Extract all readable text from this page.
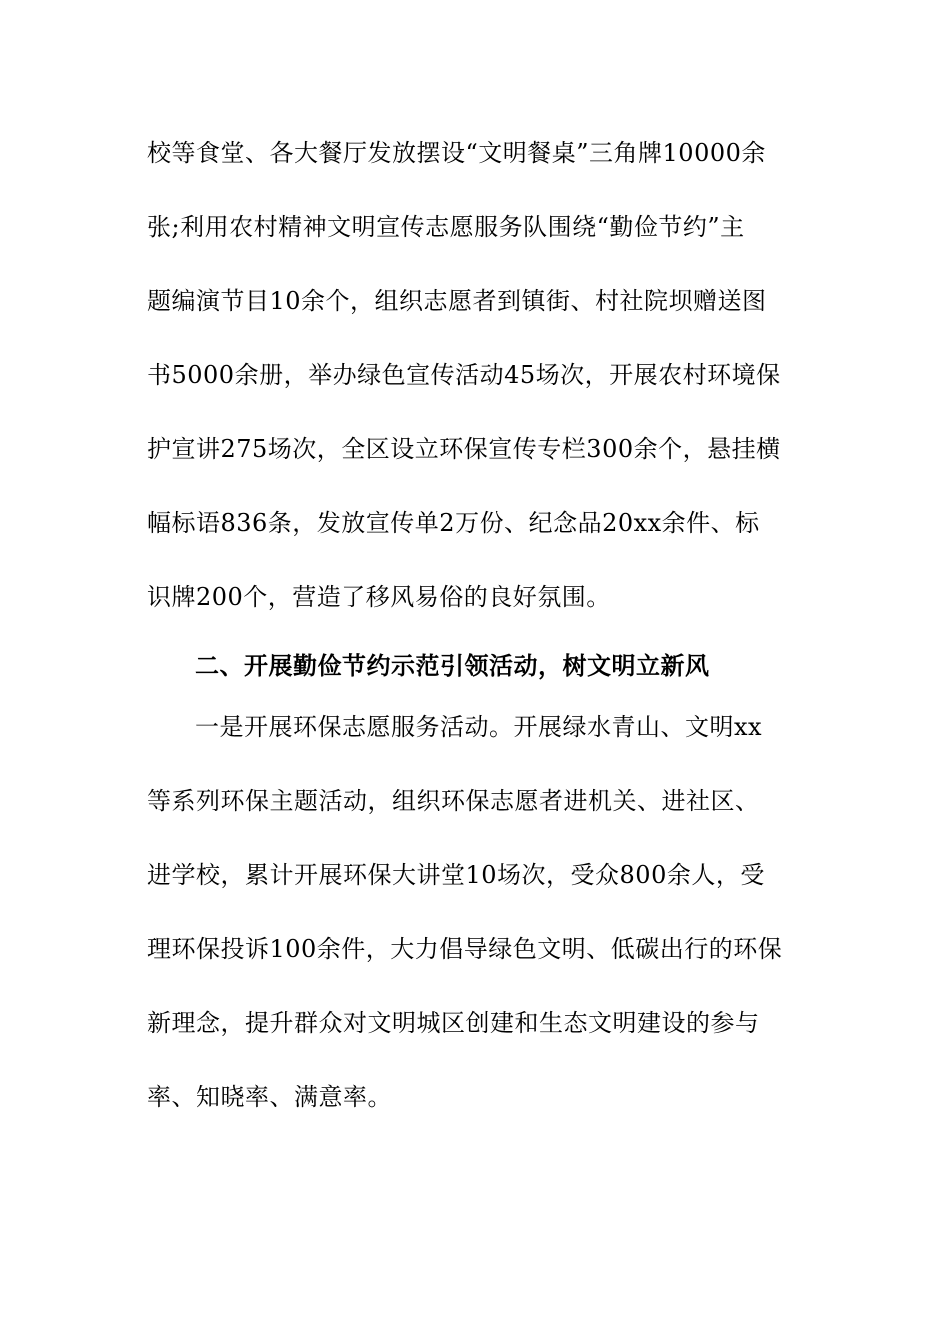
校等食堂、各大餐厅发放摆设“文明餐桌”三角牌10000余
张;利用农村精神文明宣传志愿服务队围绕“勤俭节约”主
题编演节目10余个，组织志愿者到镇街、村社院坝赠送图
书5000余册，举办绿色宣传活动45场次，开展农村环境保
护宣讲275场次，全区设立环保宣传专栏300余个，悬挂横
幅标语836条，发放宣传单2万份、纪念品20xx余件、标
识牌200个，营造了移风易俗的良好氛围。
二、开展勤俭节约示范引领活动，树文明立新风
一是开展环保志愿服务活动。开展绿水青山、文明xx
等系列环保主题活动，组织环保志愿者进机关、进社区、
进学校，累计开展环保大讲堂10场次，受众800余人，受
理环保投诉100余件，大力倡导绿色文明、低碳出行的环保
新理念，提升群众对文明城区创建和生态文明建设的参与
率、知晓率、满意率。
